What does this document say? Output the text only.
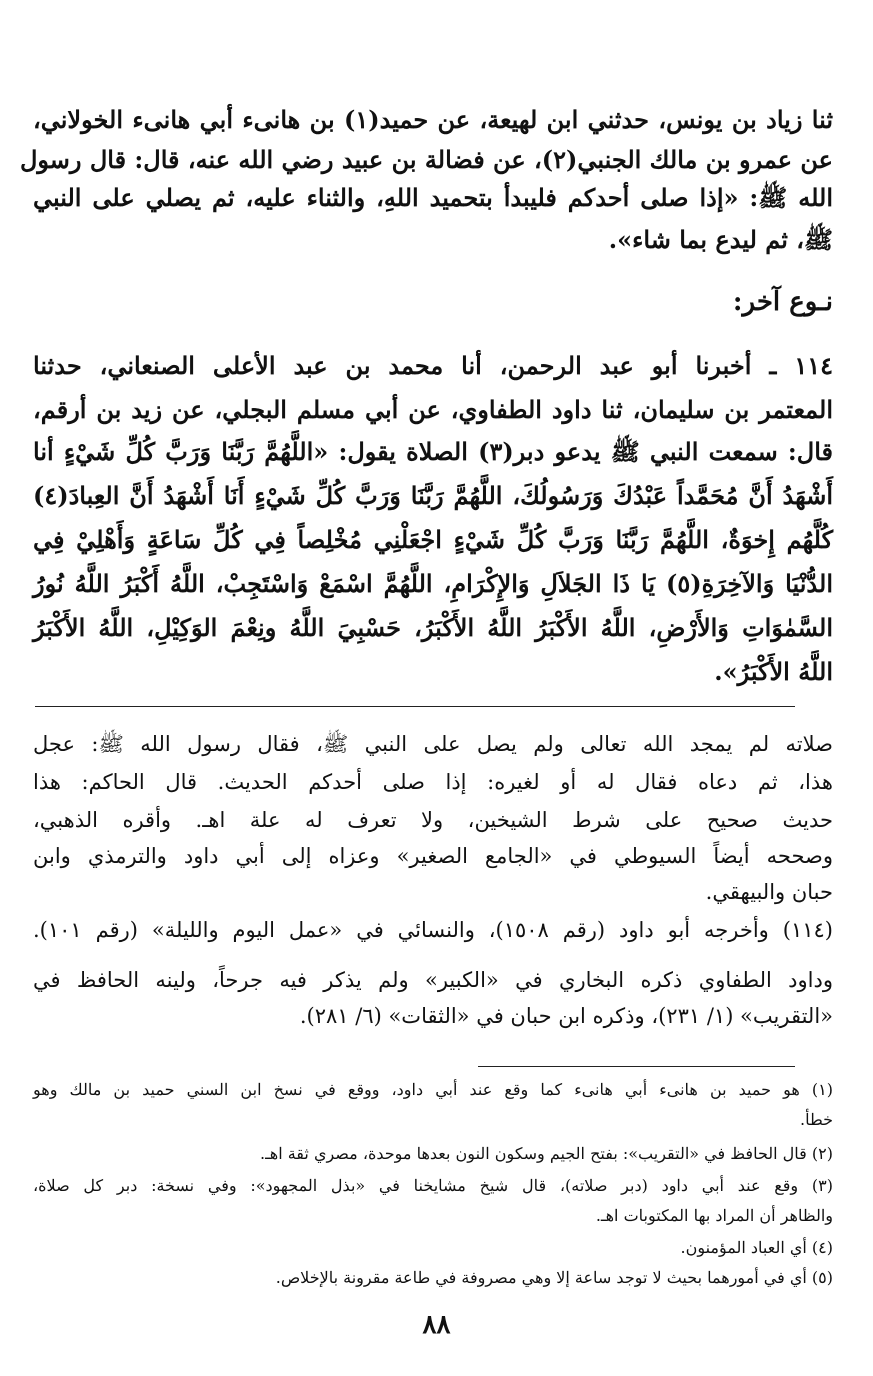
ثنا زياد بن يونس، حدثني ابن لهيعة، عن حميد(١) بن هانىء أبي هانىء الخولاني،
عن عمرو بن مالك الجنبي(٢)، عن فضالة بن عبيد رضي الله عنه، قال: قال رسول
الله ﷺ: «إذا صلى أحدكم فليبدأ بتحميد اللهِ، والثناء عليه، ثم يصلي على النبي
ﷺ، ثم ليدع بما شاء».
نـوع آخر:
١١٤ ـ أخبرنا أبو عبد الرحمن، أنا محمد بن عبد الأعلى الصنعاني، حدثنا
المعتمر بن سليمان، ثنا داود الطفاوي، عن أبي مسلم البجلي، عن زيد بن أرقم،
قال: سمعت النبي ﷺ يدعو دبر(٣) الصلاة يقول: «اللَّهُمَّ رَبَّنَا وَرَبَّ كُلِّ شَيْءٍ أنا
أَشْهَدُ أَنَّ مُحَمَّداً عَبْدُكَ وَرَسُولُكَ، اللَّهُمَّ رَبَّنَا وَرَبَّ كُلِّ شَيْءٍ أَنَا أَشْهَدُ أَنَّ العِبادَ(٤)
كُلَّهُم إِخوَةٌ، اللَّهُمَّ رَبَّنَا وَرَبَّ كُلِّ شَيْءٍ اجْعَلْنِي مُخْلِصاً فِي كُلِّ سَاعَةٍ وَأَهْلِيْ فِي
الدُّنْيَا وَالآخِرَةِ(٥) يَا ذَا الجَلاَلِ وَالإِكْرَامِ، اللَّهُمَّ اسْمَعْ وَاسْتَجِبْ، اللَّهُ أَكْبَرُ اللَّهُ نُورُ
السَّمٰوَاتِ وَالأَرْضِ، اللَّهُ الأَكْبَرُ اللَّهُ الأَكْبَرُ، حَسْبِيَ اللَّهُ ونِعْمَ الوَكِيْلِ، اللَّهُ الأَكْبَرُ
اللَّهُ الأَكْبَرُ».
صلاته لم يمجد الله تعالى ولم يصل على النبي ﷺ، فقال رسول الله ﷺ: عجل
هذا، ثم دعاه فقال له أو لغيره: إذا صلى أحدكم الحديث. قال الحاكم: هذا
حديث صحيح على شرط الشيخين، ولا تعرف له علة اهـ. وأقره الذهبي،
وصححه أيضاً السيوطي في «الجامع الصغير» وعزاه إلى أبي داود والترمذي وابن
حبان والبيهقي.
(١١٤) وأخرجه أبو داود (رقم ١٥٠٨)، والنسائي في «عمل اليوم والليلة» (رقم ١٠١).
وداود الطفاوي ذكره البخاري في «الكبير» ولم يذكر فيه جرحاً، ولينه الحافظ في
«التقريب» (١/ ٢٣١)، وذكره ابن حبان في «الثقات» (٦/ ٢٨١).
(١) هو حميد بن هانىء أبي هانىء كما وقع عند أبي داود، ووقع في نسخ ابن السني حميد بن مالك وهو
خطأ.
(٢) قال الحافظ في «التقريب»: بفتح الجيم وسكون النون بعدها موحدة، مصري ثقة اهـ.
(٣) وقع عند أبي داود (دبر صلاته)، قال شيخ مشايخنا في «بذل المجهود»: وفي نسخة: دبر كل صلاة،
والظاهر أن المراد بها المكتوبات اهـ.
(٤) أي العباد المؤمنون.
(٥) أي في أمورهما بحيث لا توجد ساعة إلا وهي مصروفة في طاعة مقرونة بالإخلاص.
٨٨
